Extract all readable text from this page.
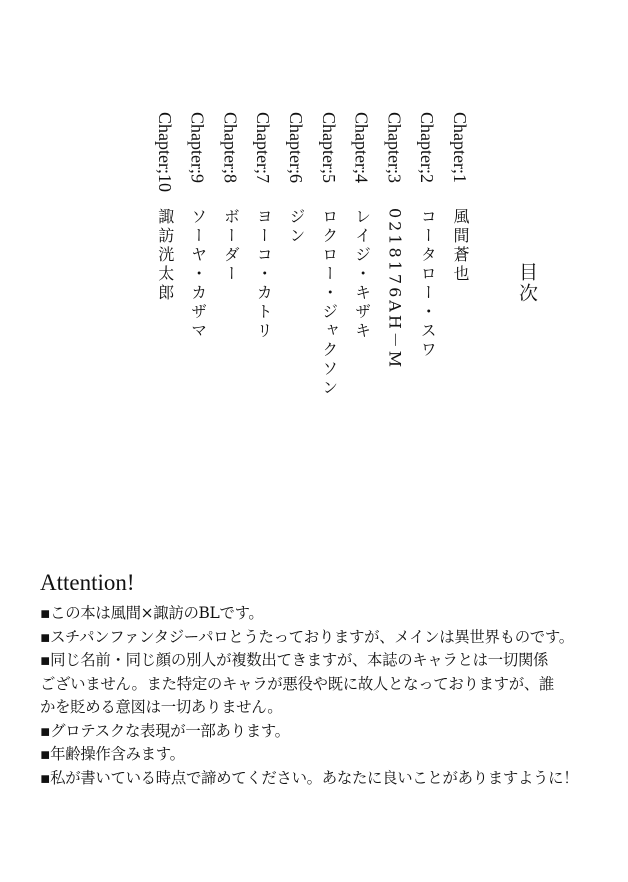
目次
Chapter;1
風間蒼也
Chapter;2
コータロー・スワ
Chapter;3
0218176AH－M
Chapter;4
レイジ・キザキ
Chapter;5
ロクロー・ジャクソン
Chapter;6
ジン
Chapter;7
ヨーコ・カトリ
Chapter;8
ボーダー
Chapter;9
ソーヤ・カザマ
Chapter;10
諏訪洸太郎
Attention!
▪この本は風間×諏訪のBLです。
▪スチパンファンタジーパロとうたっておりますが、メインは異世界ものです。
▪同じ名前・同じ顔の別人が複数出てきますが、本誌のキャラとは一切関係
ございません。また特定のキャラが悪役や既に故人となっておりますが、誰
かを貶める意図は一切ありません。
▪グロテスクな表現が一部あります。
▪年齢操作含みます。
▪私が書いている時点で諦めてください。あなたに良いことがありますように！
